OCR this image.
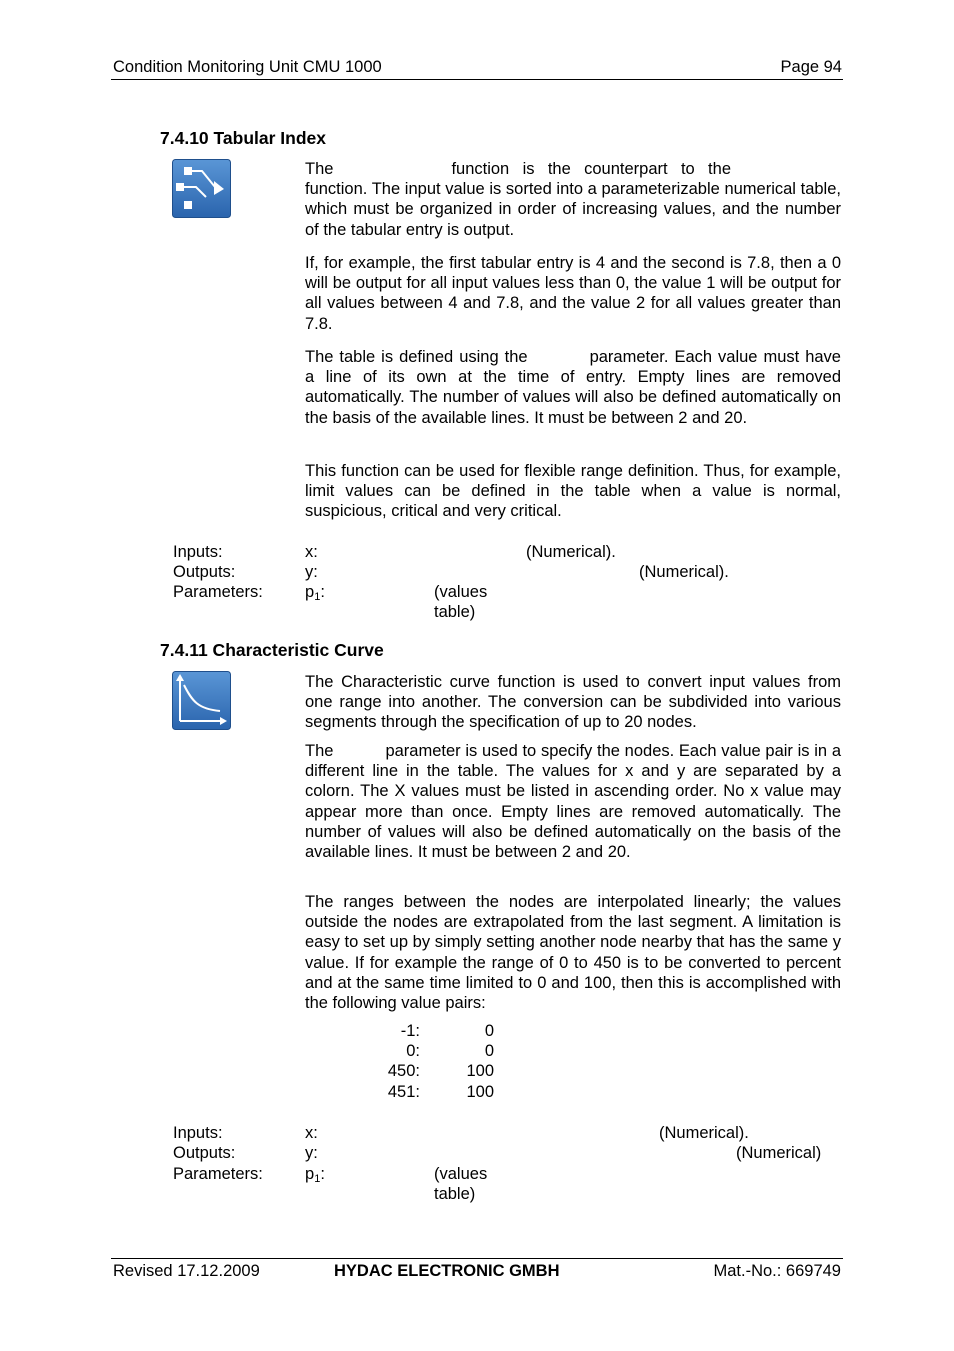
Condition Monitoring Unit CMU 1000	Page 94
7.4.10 Tabular Index
The	function is the counterpart to the function. The input value is sorted into a parameterizable numerical table, which must be organized in order of increasing values, and the number of the tabular entry is output.
If, for example, the first tabular entry is 4 and the second is 7.8, then a 0 will be output for all input values less than 0, the value 1 will be output for all values between 4 and 7.8, and the value 2 for all values greater than 7.8.
The table is defined using the	parameter. Each value must have a line of its own at the time of entry. Empty lines are removed automatically. The number of values will also be defined automatically on the basis of the available lines. It must be between 2 and 20.
This function can be used for flexible range definition. Thus, for example, limit values can be defined in the table when a value is normal, suspicious, critical and very critical.
Inputs:	x:	(Numerical).
Outputs:	y:	(Numerical).
Parameters:	p1:	(values table)
7.4.11 Characteristic Curve
The Characteristic curve function is used to convert input values from one range into another. The conversion can be subdivided into various segments through the specification of up to 20 nodes.
The	parameter is used to specify the nodes. Each value pair is in a different line in the table. The values for x and y are separated by a colorn. The X values must be listed in ascending order. No x value may appear more than once. Empty lines are removed automatically. The number of values will also be defined automatically on the basis of the available lines. It must be between 2 and 20.
The ranges between the nodes are interpolated linearly; the values outside the nodes are extrapolated from the last segment. A limitation is easy to set up by simply setting another node nearby that has the same y value. If for example the range of 0 to 450 is to be converted to percent and at the same time limited to 0 and 100, then this is accomplished with the following value pairs:
-1:	0
0:	0
450:	100
451:	100
Inputs:	x:	(Numerical).
Outputs:	y:	(Numerical)
Parameters:	p1:	(values table)
Revised 17.12.2009	HYDAC ELECTRONIC GMBH	Mat.-No.: 669749
